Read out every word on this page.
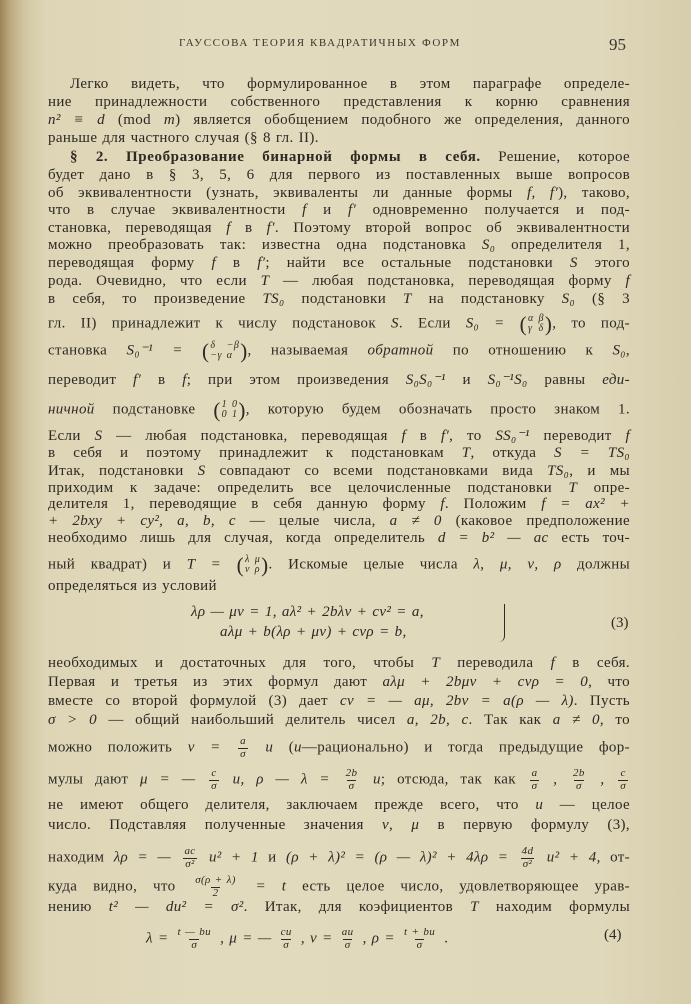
ГАУССОВА ТЕОРИЯ КВАДРАТИЧНЫХ ФОРМ	95
Легко видеть, что формулированное в этом параграфе определе-
ние принадлежности собственного представления к корню сравнения
n² ≡ d (mod m) является обобщением подобного же определения, данного
раньше для частного случая (§ 8 гл. II).
§ 2. Преобразование бинарной формы в себя. Решение, которое
будет дано в § 3, 5, 6 для первого из поставленных выше вопросов
об эквивалентности (узнать, эквиваленты ли данные формы f, f′), таково,
что в случае эквивалентности f и f′ одновременно получается и под-
становка, переводящая f в f′. Поэтому второй вопрос об эквивалентности
можно преобразовать так: известна одна подстановка S₀ определителя 1,
переводящая форму f в f′; найти все остальные подстановки S этого
рода. Очевидно, что если T — любая подстановка, переводящая форму f
в себя, то произведение TS₀ подстановки T на подстановку S₀ (§ 3
гл. II) принадлежит к числу подстановок S. Если S₀ = ( α β
γ δ ) , то под-
становка S₀⁻¹ = ( δ	−β
−γ α ) , называемая обратной по отношению к S₀,
переводит f′ в f; при этом произведения S₀S₀⁻¹ и S₀⁻¹S₀ равны еди-
ничной подстановке ( 1 0
0 1 ) , которую будем обозначать просто знаком 1.
Если S — любая подстановка, переводящая f в f′, то SS₀⁻¹ переводит f
в себя и поэтому принадлежит к подстановкам T, откуда S = TS₀
Итак, подстановки S совпадают со всеми подстановками вида TS₀, и мы
приходим к задаче: определить все целочисленные подстановки T опре-
делителя 1, переводящие в себя данную форму f. Положим f = ax² +
+ 2bxy + cy², a, b, c — целые числа, a ≠ 0 (каковое предположение
необходимо лишь для случая, когда определитель d = b² — ac есть точ-
ный квадрат) и T = ( λ μ
ν ρ ) . Искомые целые числа λ, μ, ν, ρ должны
определяться из условий
λρ — μν = 1, aλ² + 2bλν + cν² = a,
aλμ + b(λρ + μν) + cνρ = b,
необходимых и достаточных для того, чтобы T переводила f в себя.
Первая и третья из этих формул дают aλμ + 2bμν + cνρ = 0, что
вместе со второй формулой (3) дает cν = — aμ, 2bν = a(ρ — λ). Пусть
σ > 0 — общий наибольший делитель чисел a, 2b, c. Так как a ≠ 0, то
можно положить $\nu = \frac{a}{\sigma}$ u (u—рационально) и тогда предыдущие фор-
мулы дают μ = — $\frac{c}{\sigma} u$, ρ — $\lambda = \frac{2b}{\sigma} u$; отсюда, так как $\frac{a}{\sigma}$ , $\frac{2b}{\sigma}$ , $\frac{c}{\sigma}$
не имеют общего делителя, заключаем прежде всего, что u — целое
число. Подставляя полученные значения ν, μ в первую формулу (3),
находим λρ = — $\frac{ac}{\text{σ²}} u^2 + 1$ и (ρ + λ)² = (ρ — $\lambda)^2 + 4\lambda\rho = \frac{4d}{\text{σ²}} u^2 + 4$, от-
куда видно, что $\frac{\sigma(\rho + \lambda)}{2} = t$ есть целое число, удовлетворяющее урав-
нению t² — du² = σ². Итак, для коэфициентов T находим формулы
$\lambda = \frac{t — bu}{\sigma}$ , μ = — $\frac{cu}{\sigma}$ , $\nu = \frac{au}{\sigma}$ , $\rho = \frac{t + bu}{\sigma}$ .
(3)
(4)
